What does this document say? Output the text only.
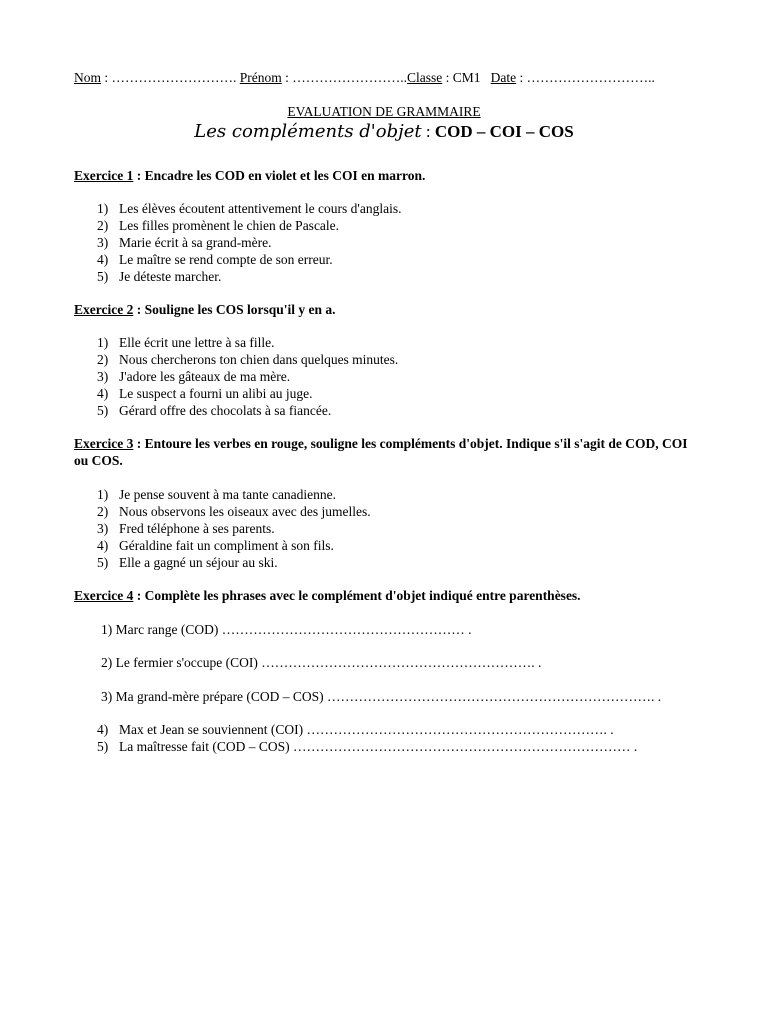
Nom : ………………………. Prénom : ……………………..Classe : CM1   Date : ………………………..
EVALUATION DE GRAMMAIRE
Les compléments d'objet : COD – COI – COS
Exercice 1 : Encadre les COD en violet et les COI en marron.
1) Les élèves écoutent attentivement le cours d'anglais.
2) Les filles promènent le chien de Pascale.
3) Marie écrit à sa grand-mère.
4) Le maître se rend compte de son erreur.
5) Je déteste marcher.
Exercice 2 : Souligne les COS lorsqu'il y en a.
1) Elle écrit une lettre à sa fille.
2) Nous chercherons ton chien dans quelques minutes.
3) J'adore les gâteaux de ma mère.
4) Le suspect a fourni un alibi au juge.
5) Gérard offre des chocolats à sa fiancée.
Exercice 3 : Entoure les verbes en rouge, souligne les compléments d'objet. Indique s'il s'agit de COD, COI ou COS.
1) Je pense souvent à ma tante canadienne.
2) Nous observons les oiseaux avec des jumelles.
3) Fred téléphone à ses parents.
4) Géraldine fait un compliment à son fils.
5) Elle a gagné un séjour au ski.
Exercice 4 : Complète les phrases avec le complément d'objet indiqué entre parenthèses.
1) Marc range (COD) ……………………………………………… .
2) Le fermier s'occupe (COI) ……………………………………………………. .
3) Ma grand-mère prépare (COD – COS) ………………………………………………………………. .
4) Max et Jean se souviennent (COI) …………………………………………………………. .
5) La maîtresse fait (COD – COS) ………………………………………………………………… .
